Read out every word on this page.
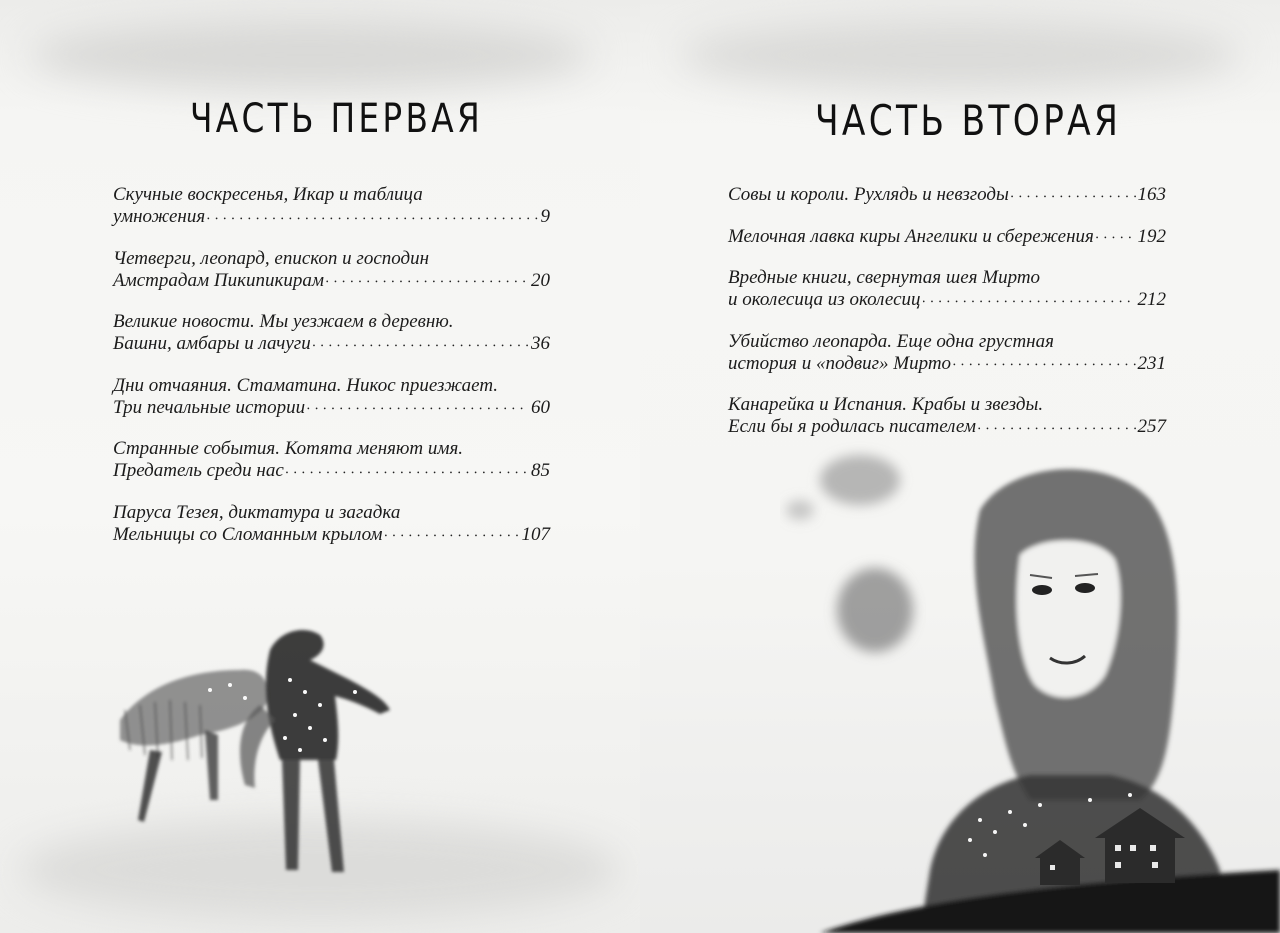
ЧАСТЬ ПЕРВАЯ
Скучные воскресенья, Икар и таблица
умножения • • •	9
Четверги, леопард, епископ и господин
Амстрадам Пикипикирам • • •	20
Великие новости. Мы уезжаем в деревню.
Башни, амбары и лачуги • • •	36
Дни отчаяния. Стаматина. Никос приезжает.
Три печальные истории • • •	60
Странные события. Котята меняют имя.
Предатель среди нас • • •	85
Паруса Тезея, диктатура и загадка
Мельницы со Сломанным крылом • • •	107
ЧАСТЬ ВТОРАЯ
Совы и короли. Рухлядь и невзгоды • • •	163
Мелочная лавка киры Ангелики и сбережения • • • 192
Вредные книги, свернутая шея Мирто
и околесица из околесиц • • •	212
Убийство леопарда. Еще одна грустная
история и «подвиг» Мирто • • •	231
Канарейка и Испания. Крабы и звезды.
Если бы я родилась писателем • • •	257
